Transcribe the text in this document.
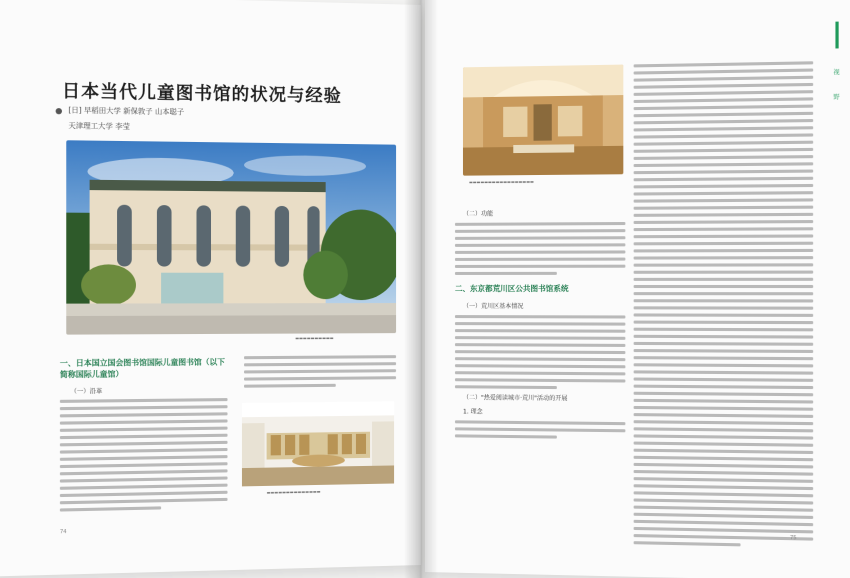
日本当代儿童图书馆的状况与经验
[日] 早稻田大学 新保敦子 山本聪子
天津理工大学 李莹
▬▬▬▬▬▬▬▬▬▬
一、日本国立国会图书馆国际儿童图书馆（以下简称国际儿童馆）
（一）沿革
▬▬▬▬▬▬▬▬▬▬▬▬▬▬
74
视
野
▬▬▬▬▬▬▬▬▬▬▬▬▬▬▬▬▬
（二）功能
二、东京都荒川区公共图书馆系统
（一）荒川区基本情况
（二）"热爱阅读城市·荒川"活动的开展
1. 理念
75
